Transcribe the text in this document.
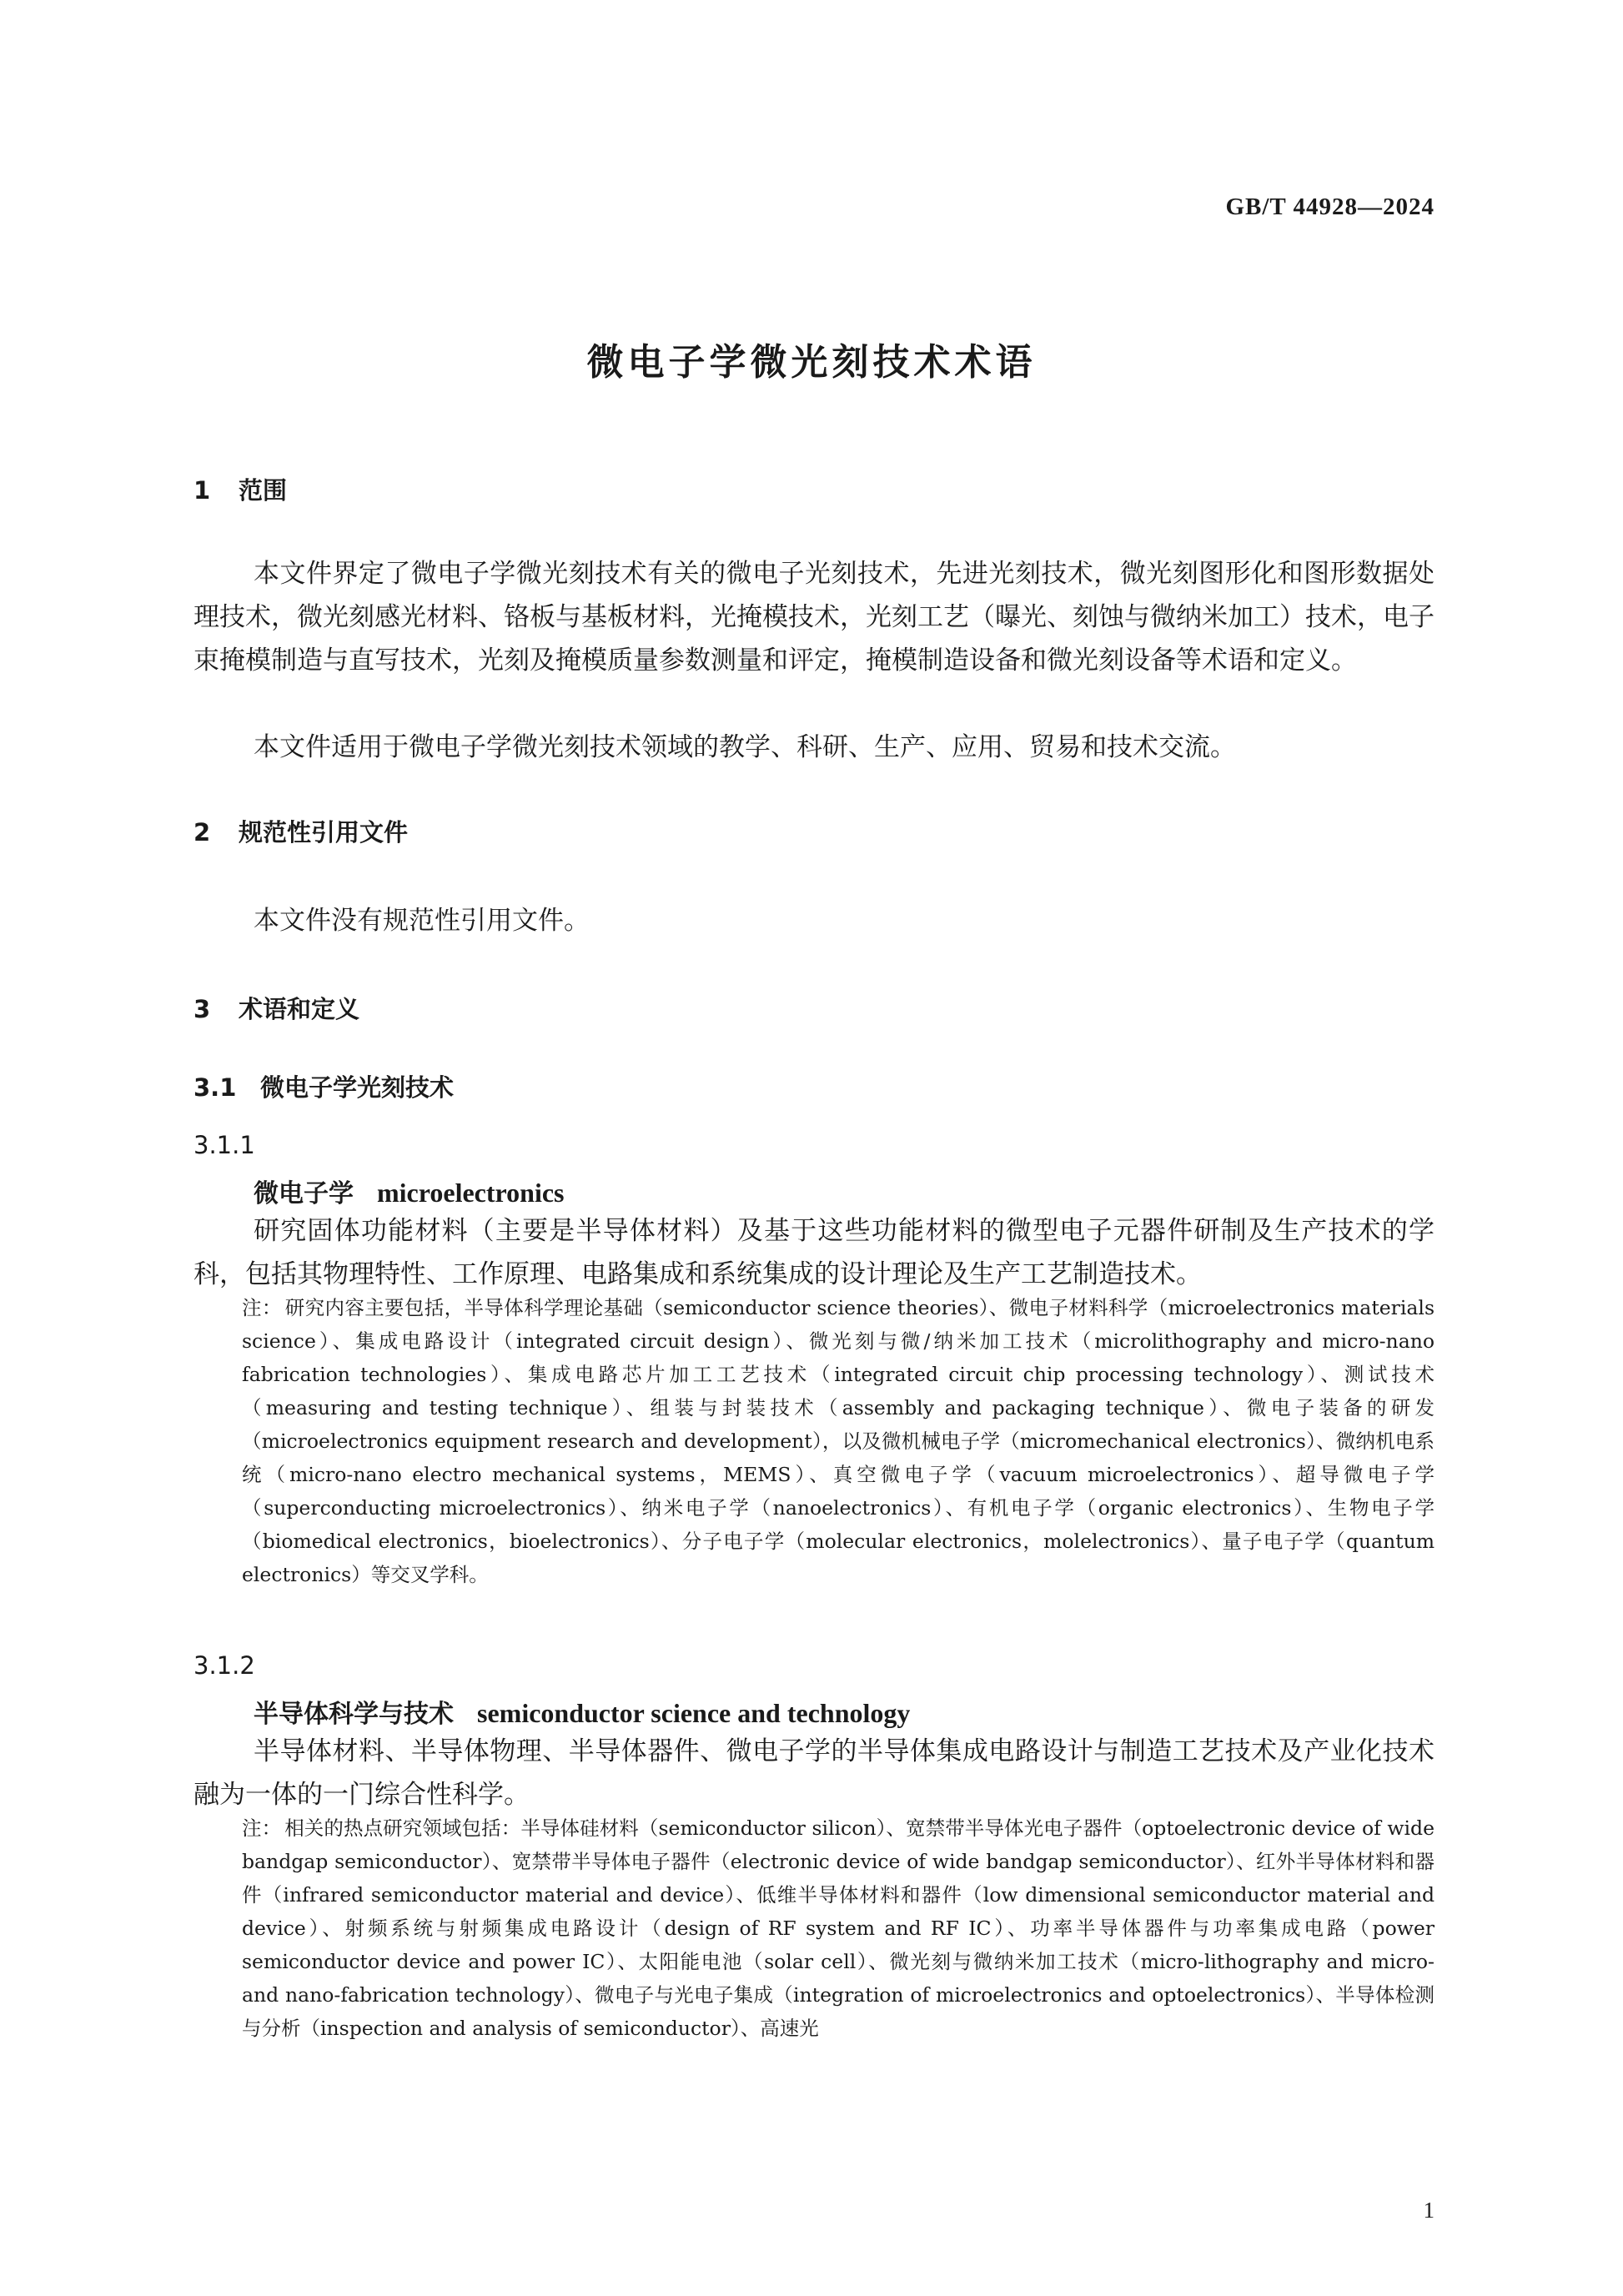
GB/T 44928—2024
微电子学微光刻技术术语
1 范围
本文件界定了微电子学微光刻技术有关的微电子光刻技术，先进光刻技术，微光刻图形化和图形数据处理技术，微光刻感光材料、铬板与基板材料，光掩模技术，光刻工艺（曝光、刻蚀与微纳米加工）技术，电子束掩模制造与直写技术，光刻及掩模质量参数测量和评定，掩模制造设备和微光刻设备等术语和定义。
本文件适用于微电子学微光刻技术领域的教学、科研、生产、应用、贸易和技术交流。
2 规范性引用文件
本文件没有规范性引用文件。
3 术语和定义
3.1 微电子学光刻技术
3.1.1
微电子学 microelectronics
研究固体功能材料（主要是半导体材料）及基于这些功能材料的微型电子元器件研制及生产技术的学科，包括其物理特性、工作原理、电路集成和系统集成的设计理论及生产工艺制造技术。
注： 研究内容主要包括，半导体科学理论基础（semiconductor science theories）、微电子材料科学（microelectronics materials science）、集成电路设计（integrated circuit design）、微光刻与微/纳米加工技术（microlithography and micro-nano fabrication technologies）、集成电路芯片加工工艺技术（integrated circuit chip processing technology）、测试技术（measuring and testing technique）、组装与封装技术（assembly and packaging technique）、微电子装备的研发（microelectronics equipment research and development），以及微机械电子学（micromechanical electronics）、微纳机电系统（micro-nano electro mechanical systems，MEMS）、真空微电子学（vacuum microelectronics）、超导微电子学（superconducting microelectronics）、纳米电子学（nanoelectronics）、有机电子学（organic electronics）、生物电子学（biomedical electronics，bioelectronics）、分子电子学（molecular electronics，molelectronics）、量子电子学（quantum electronics）等交叉学科。
3.1.2
半导体科学与技术 semiconductor science and technology
半导体材料、半导体物理、半导体器件、微电子学的半导体集成电路设计与制造工艺技术及产业化技术融为一体的一门综合性科学。
注： 相关的热点研究领域包括：半导体硅材料（semiconductor silicon）、宽禁带半导体光电子器件（optoelectronic device of wide bandgap semiconductor）、宽禁带半导体电子器件（electronic device of wide bandgap semiconductor）、红外半导体材料和器件（infrared semiconductor material and device）、低维半导体材料和器件（low dimensional semiconductor material and device）、射频系统与射频集成电路设计（design of RF system and RF IC）、功率半导体器件与功率集成电路（power semiconductor device and power IC）、太阳能电池（solar cell）、微光刻与微纳米加工技术（micro-lithography and micro- and nano-fabrication technology）、微电子与光电子集成（integration of microelectronics and optoelectronics）、半导体检测与分析（inspection and analysis of semiconductor）、高速光
1
